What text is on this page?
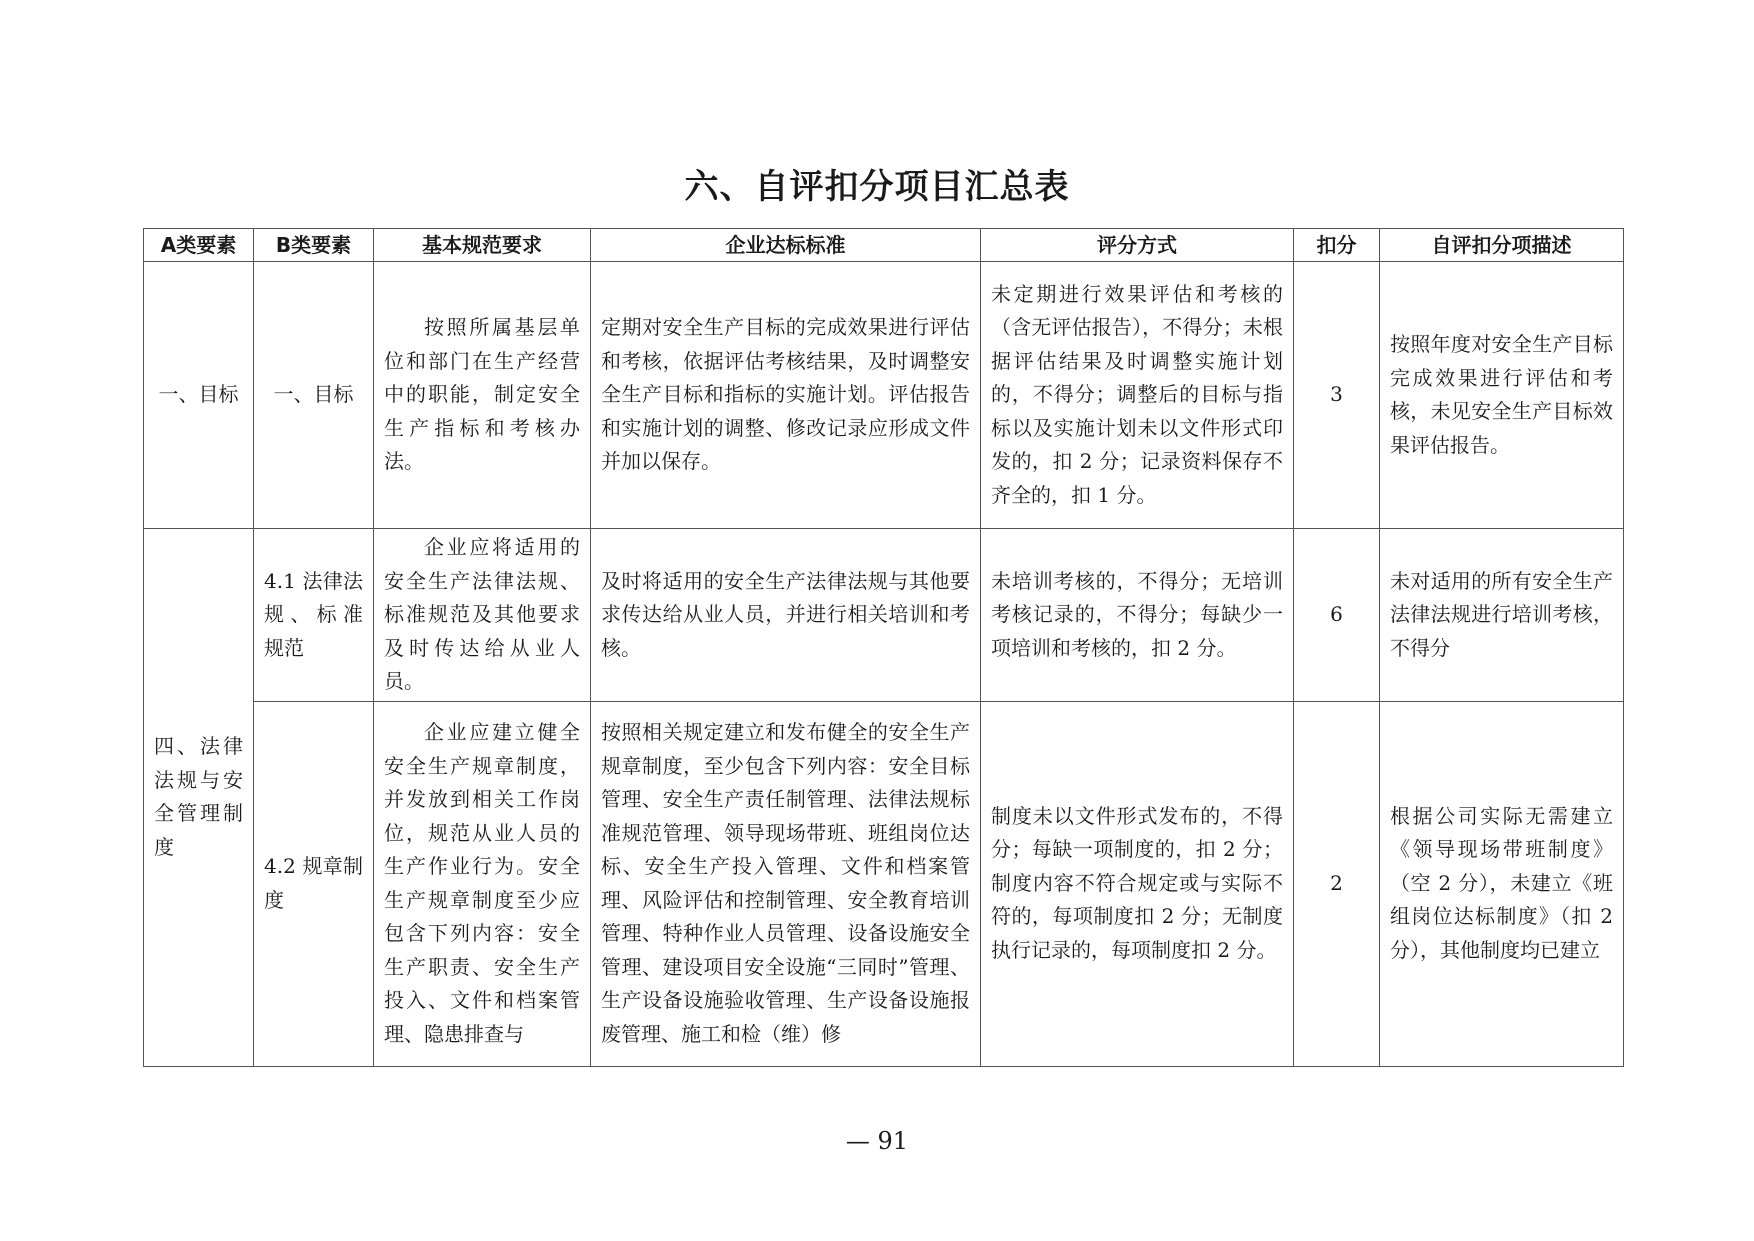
六、自评扣分项目汇总表
A类要素	B类要素	基本规范要求	企业达标标准	评分方式	扣分	自评扣分项描述
一、目标	一、目标	按照所属基层单位和部门在生产经营中的职能，制定安全生产指标和考核办法。	定期对安全生产目标的完成效果进行评估和考核，依据评估考核结果，及时调整安全生产目标和指标的实施计划。评估报告和实施计划的调整、修改记录应形成文件并加以保存。	未定期进行效果评估和考核的（含无评估报告），不得分；未根据评估结果及时调整实施计划的，不得分；调整后的目标与指标以及实施计划未以文件形式印发的，扣 2 分；记录资料保存不齐全的，扣 1 分。	3	按照年度对安全生产目标完成效果进行评估和考核，未见安全生产目标效果评估报告。
四、法律法规与安全管理制度	4.1 法律法规、标准规范	企业应将适用的安全生产法律法规、标准规范及其他要求及时传达给从业人员。	及时将适用的安全生产法律法规与其他要求传达给从业人员，并进行相关培训和考核。	未培训考核的，不得分；无培训考核记录的，不得分；每缺少一项培训和考核的，扣 2 分。	6	未对适用的所有安全生产法律法规进行培训考核，不得分
	4.2 规章制度	企业应建立健全安全生产规章制度，并发放到相关工作岗位，规范从业人员的生产作业行为。安全生产规章制度至少应包含下列内容：安全生产职责、安全生产投入、文件和档案管理、隐患排查与	按照相关规定建立和发布健全的安全生产规章制度，至少包含下列内容：安全目标管理、安全生产责任制管理、法律法规标准规范管理、领导现场带班、班组岗位达标、安全生产投入管理、文件和档案管理、风险评估和控制管理、安全教育培训管理、特种作业人员管理、设备设施安全管理、建设项目安全设施“三同时”管理、生产设备设施验收管理、生产设备设施报废管理、施工和检（维）修	制度未以文件形式发布的，不得分；每缺一项制度的，扣 2 分；制度内容不符合规定或与实际不符的，每项制度扣 2 分；无制度执行记录的，每项制度扣 2 分。	2	根据公司实际无需建立《领导现场带班制度》（空 2 分），未建立《班组岗位达标制度》（扣 2 分），其他制度均已建立
— 91
